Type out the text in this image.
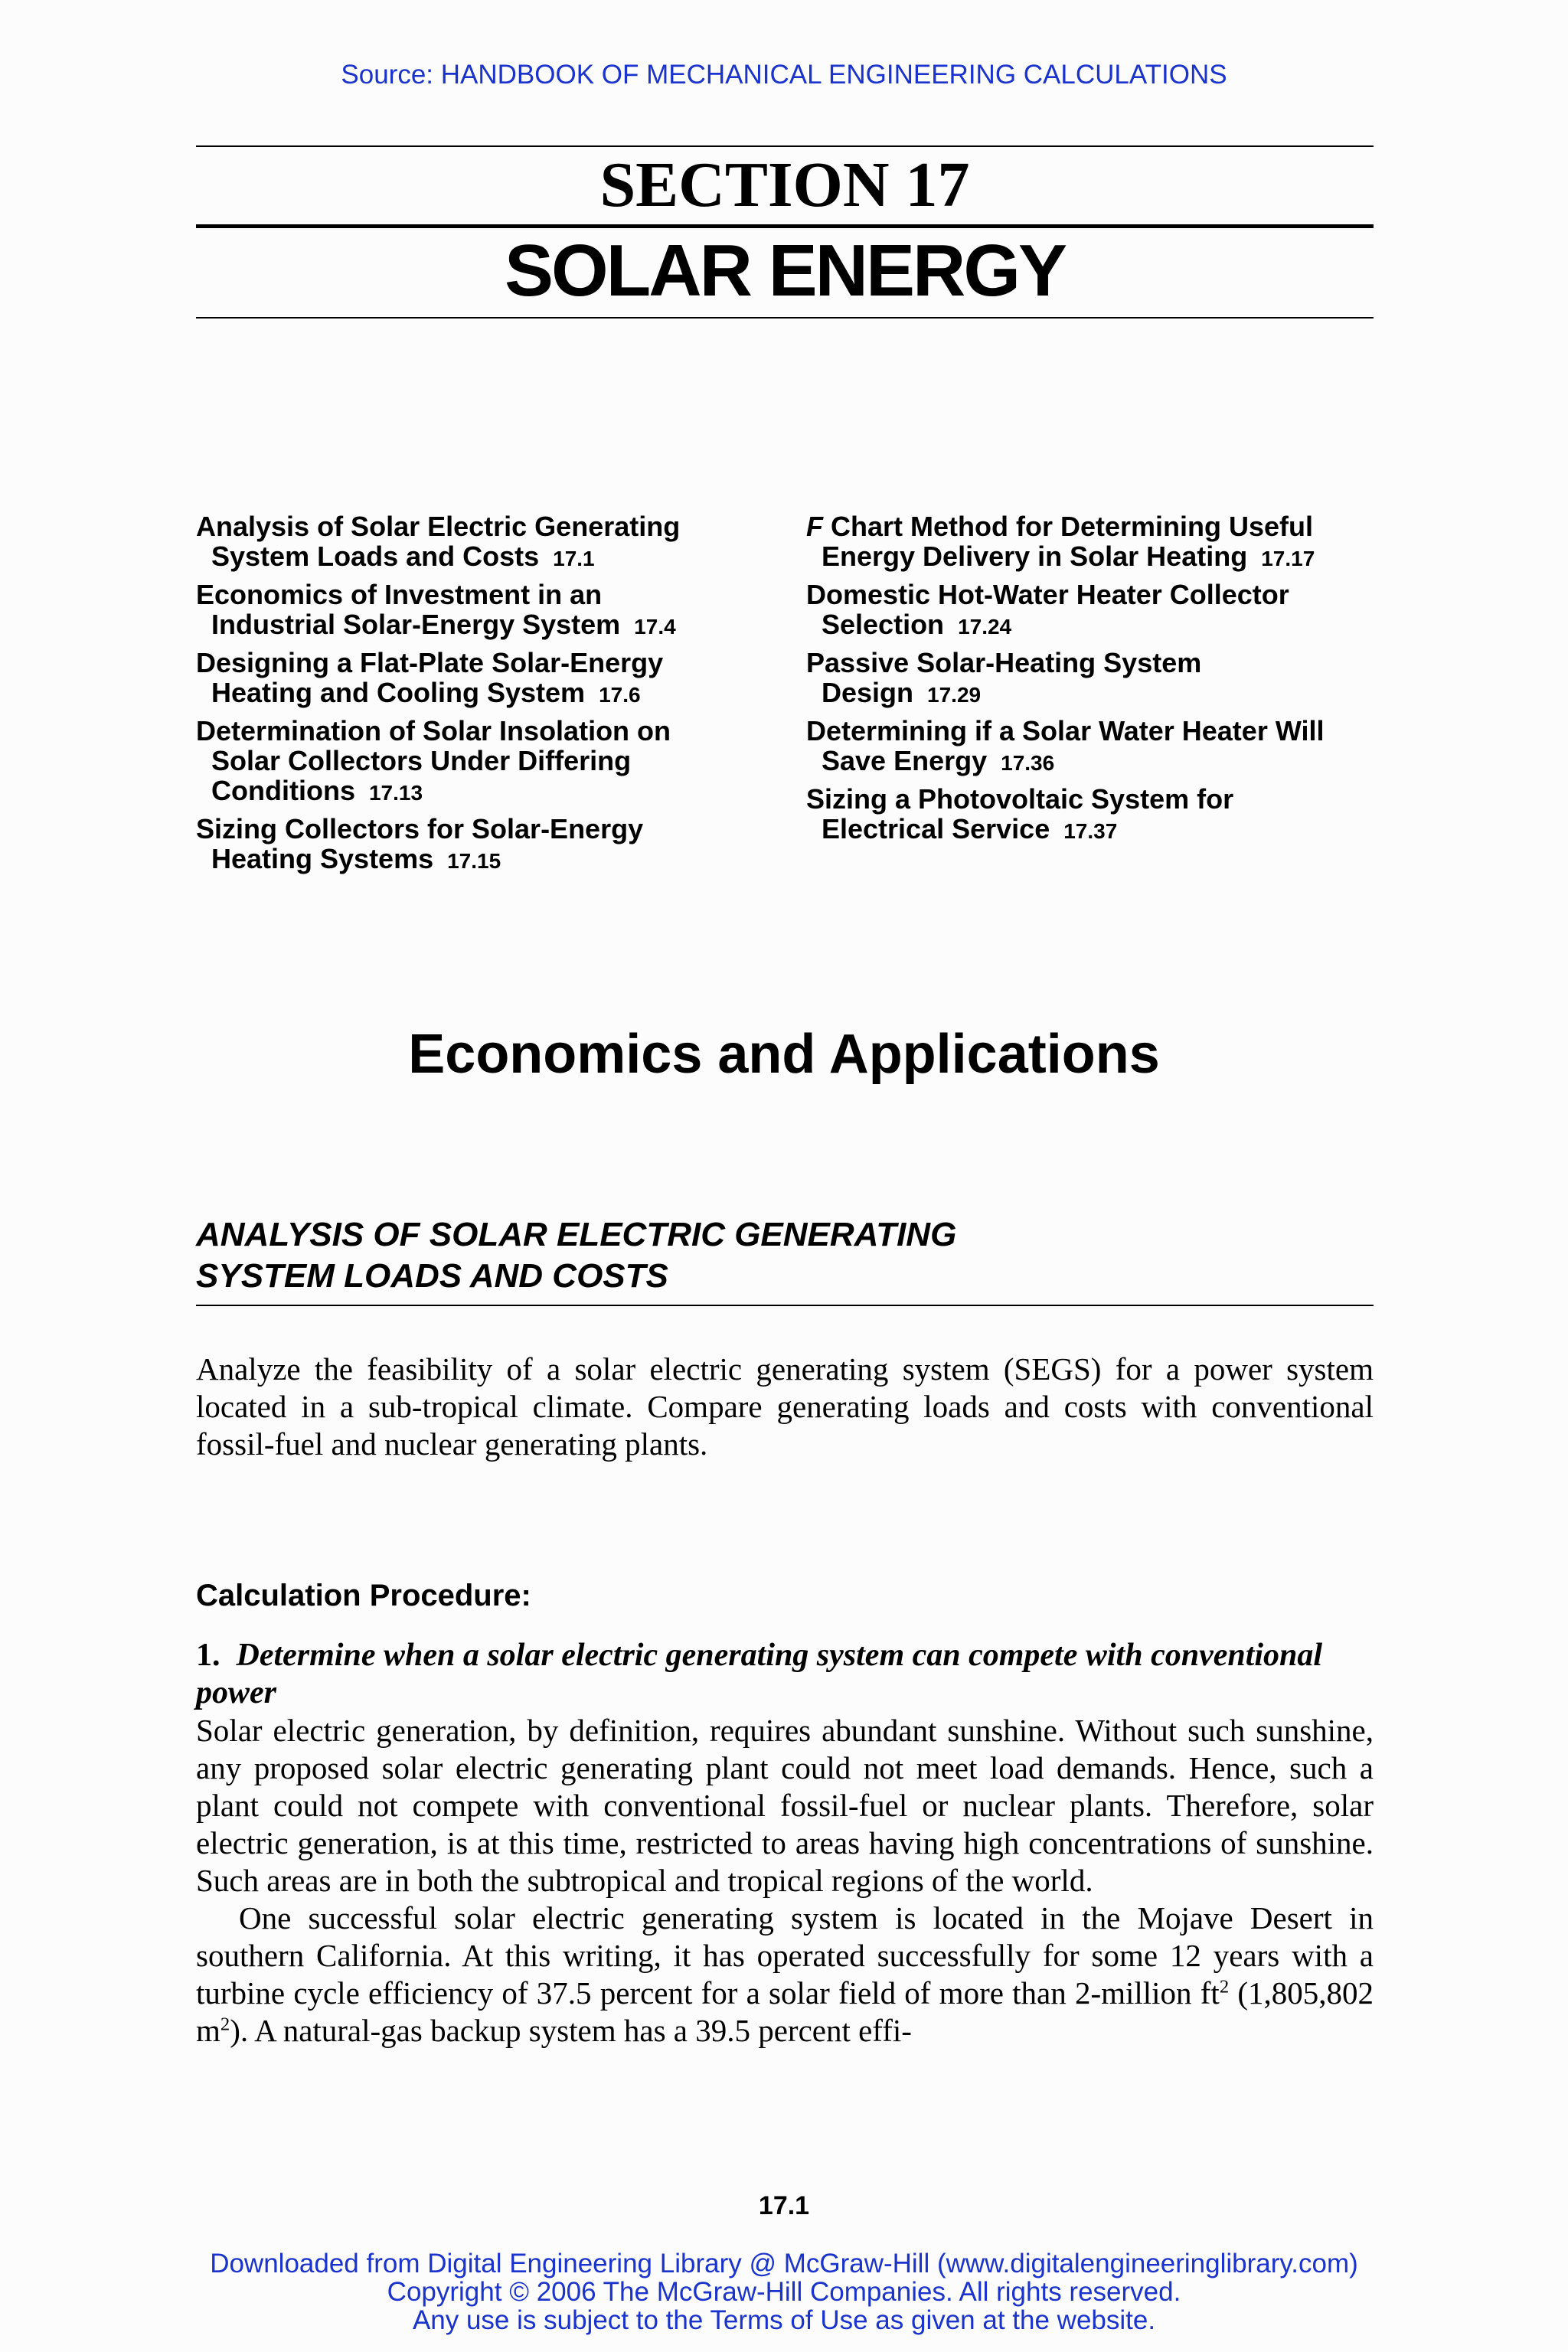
Source: HANDBOOK OF MECHANICAL ENGINEERING CALCULATIONS
SECTION 17
SOLAR ENERGY
Analysis of Solar Electric Generating
System Loads and Costs 17.1
Economics of Investment in an
Industrial Solar-Energy System 17.4
Designing a Flat-Plate Solar-Energy
Heating and Cooling System 17.6
Determination of Solar Insolation on
Solar Collectors Under Differing
Conditions 17.13
Sizing Collectors for Solar-Energy
Heating Systems 17.15
F Chart Method for Determining Useful
Energy Delivery in Solar Heating 17.17
Domestic Hot-Water Heater Collector
Selection 17.24
Passive Solar-Heating System
Design 17.29
Determining if a Solar Water Heater Will
Save Energy 17.36
Sizing a Photovoltaic System for
Electrical Service 17.37
Economics and Applications
ANALYSIS OF SOLAR ELECTRIC GENERATING
SYSTEM LOADS AND COSTS

Analyze the feasibility of a solar electric generating system (SEGS) for a power system located in a sub-tropical climate. Compare generating loads and costs with conventional fossil-fuel and nuclear generating plants.

Calculation Procedure:

1. Determine when a solar electric generating system can compete with conventional power

Solar electric generation, by definition, requires abundant sunshine. Without such sunshine, any proposed solar electric generating plant could not meet load demands. Hence, such a plant could not compete with conventional fossil-fuel or nuclear plants. Therefore, solar electric generation, is at this time, restricted to areas having high concentrations of sunshine. Such areas are in both the subtropical and tropical regions of the world.

One successful solar electric generating system is located in the Mojave Desert in southern California. At this writing, it has operated successfully for some 12 years with a turbine cycle efficiency of 37.5 percent for a solar field of more than 2-million $ft^2$ (1,805,802 $m^2$). A natural-gas backup system has a 39.5 percent effi-

17.1
Downloaded from Digital Engineering Library @ McGraw-Hill (www.digitalengineeringlibrary.com)
Copyright © 2006 The McGraw-Hill Companies. All rights reserved.
Any use is subject to the Terms of Use as given at the website.
